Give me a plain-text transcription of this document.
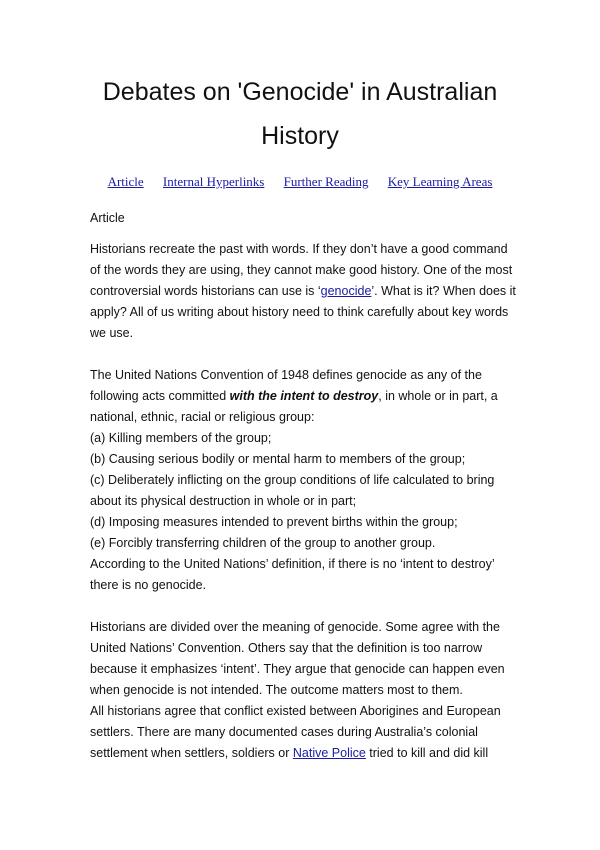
Debates on 'Genocide' in Australian
History
Article Internal Hyperlinks Further Reading Key Learning Areas

Article

Historians recreate the past with words. If they don’t have a good command of the words they are using, they cannot make good history. One of the most controversial words historians can use is ‘genocide’. What is it? When does it apply? All of us writing about history need to think carefully about key words we use.

The United Nations Convention of 1948 defines genocide as any of the following acts committed with the intent to destroy, in whole or in part, a national, ethnic, racial or religious group:

(a) Killing members of the group;

(b) Causing serious bodily or mental harm to members of the group;

(c) Deliberately inflicting on the group conditions of life calculated to bring about its physical destruction in whole or in part;

(d) Imposing measures intended to prevent births within the group;

(e) Forcibly transferring children of the group to another group.

According to the United Nations’ definition, if there is no ‘intent to destroy’ there is no genocide.

Historians are divided over the meaning of genocide. Some agree with the United Nations’ Convention. Others say that the definition is too narrow because it emphasizes ‘intent’. They argue that genocide can happen even when genocide is not intended. The outcome matters most to them.

All historians agree that conflict existed between Aborigines and European settlers. There are many documented cases during Australia’s colonial settlement when settlers, soldiers or Native Police tried to kill and did kill
